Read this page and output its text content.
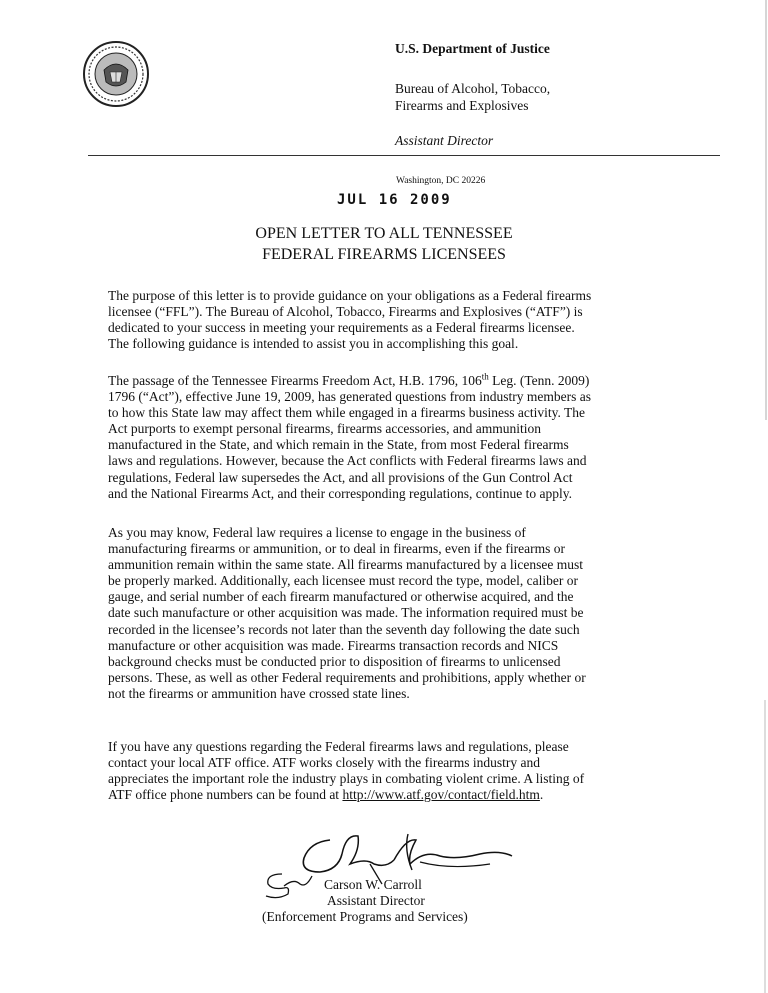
U.S. Department of Justice
Bureau of Alcohol, Tobacco,
Firearms and Explosives
Assistant Director
Washington, DC 20226
JUL 16 2009
OPEN LETTER TO ALL TENNESSEE
FEDERAL FIREARMS LICENSEES
The purpose of this letter is to provide guidance on your obligations as a Federal firearms
licensee (“FFL”). The Bureau of Alcohol, Tobacco, Firearms and Explosives (“ATF”) is
dedicated to your success in meeting your requirements as a Federal firearms licensee.
The following guidance is intended to assist you in accomplishing this goal.
The passage of the Tennessee Firearms Freedom Act, H.B. 1796, 106th Leg. (Tenn. 2009)
1796 (“Act”), effective June 19, 2009, has generated questions from industry members as
to how this State law may affect them while engaged in a firearms business activity. The
Act purports to exempt personal firearms, firearms accessories, and ammunition
manufactured in the State, and which remain in the State, from most Federal firearms
laws and regulations. However, because the Act conflicts with Federal firearms laws and
regulations, Federal law supersedes the Act, and all provisions of the Gun Control Act
and the National Firearms Act, and their corresponding regulations, continue to apply.
As you may know, Federal law requires a license to engage in the business of
manufacturing firearms or ammunition, or to deal in firearms, even if the firearms or
ammunition remain within the same state. All firearms manufactured by a licensee must
be properly marked. Additionally, each licensee must record the type, model, caliber or
gauge, and serial number of each firearm manufactured or otherwise acquired, and the
date such manufacture or other acquisition was made. The information required must be
recorded in the licensee’s records not later than the seventh day following the date such
manufacture or other acquisition was made. Firearms transaction records and NICS
background checks must be conducted prior to disposition of firearms to unlicensed
persons. These, as well as other Federal requirements and prohibitions, apply whether or
not the firearms or ammunition have crossed state lines.
If you have any questions regarding the Federal firearms laws and regulations, please
contact your local ATF office. ATF works closely with the firearms industry and
appreciates the important role the industry plays in combating violent crime. A listing of
ATF office phone numbers can be found at http://www.atf.gov/contact/field.htm.
Carson W. Carroll
Assistant Director
(Enforcement Programs and Services)
